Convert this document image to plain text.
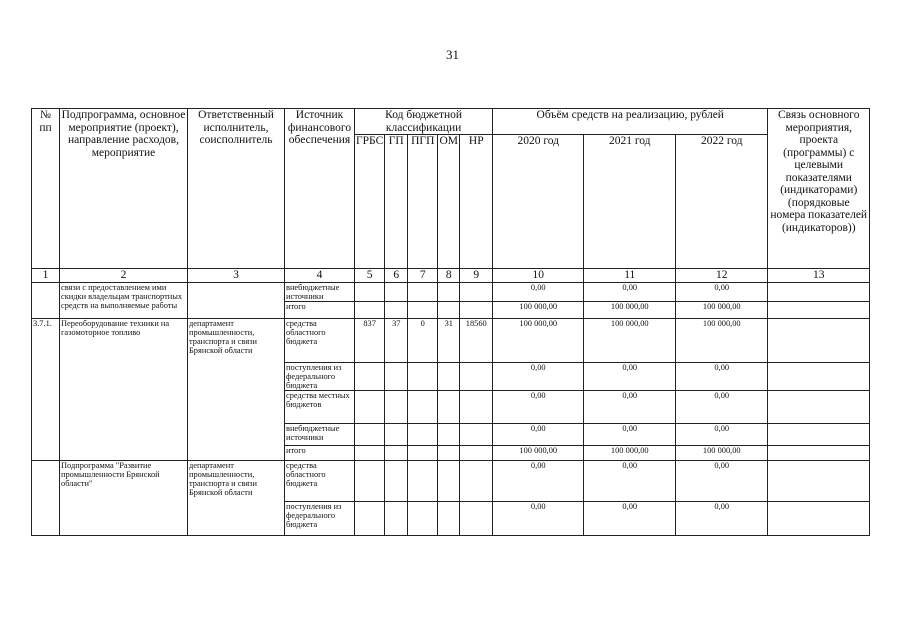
31
№ пп	Подпрограмма, основное мероприятие (проект), направление расходов, мероприятие	Ответственный исполнитель, соисполнитель	Источник финансового обеспечения	Код бюджетной классификации					Объём средств на реализацию, рублей			Связь основного мероприятия, проекта (программы) с целевыми показателями (индикаторами) (порядковые номера показателей (индикаторов))
				ГРБС	ГП	ПГП	ОМ	НР	2020 год	2021 год	2022 год	
1	2	3	4	5	6	7	8	9	10	11	12	13
	связи с предоставлением ими скидки владельцам транспортных средств на выполняемые работы		внебюджетные источники						0,00	0,00	0,00	
			итого						100 000,00	100 000,00	100 000,00	
3.7.1.	Переоборудование техники на газомоторное топливо	департамент промышленности, транспорта и связи Брянской области	средства областного бюджета	837	37	0	31	18560	100 000,00	100 000,00	100 000,00	
			поступления из федерального бюджета						0,00	0,00	0,00	
			средства местных бюджетов						0,00	0,00	0,00	
			внебюджетные источники						0,00	0,00	0,00	
			итого						100 000,00	100 000,00	100 000,00	
	Подпрограмма "Развитие промышленности Брянской области"	департамент промышленности, транспорта и связи Брянской области	средства областного бюджета						0,00	0,00	0,00	
			поступления из федерального бюджета						0,00	0,00	0,00	
